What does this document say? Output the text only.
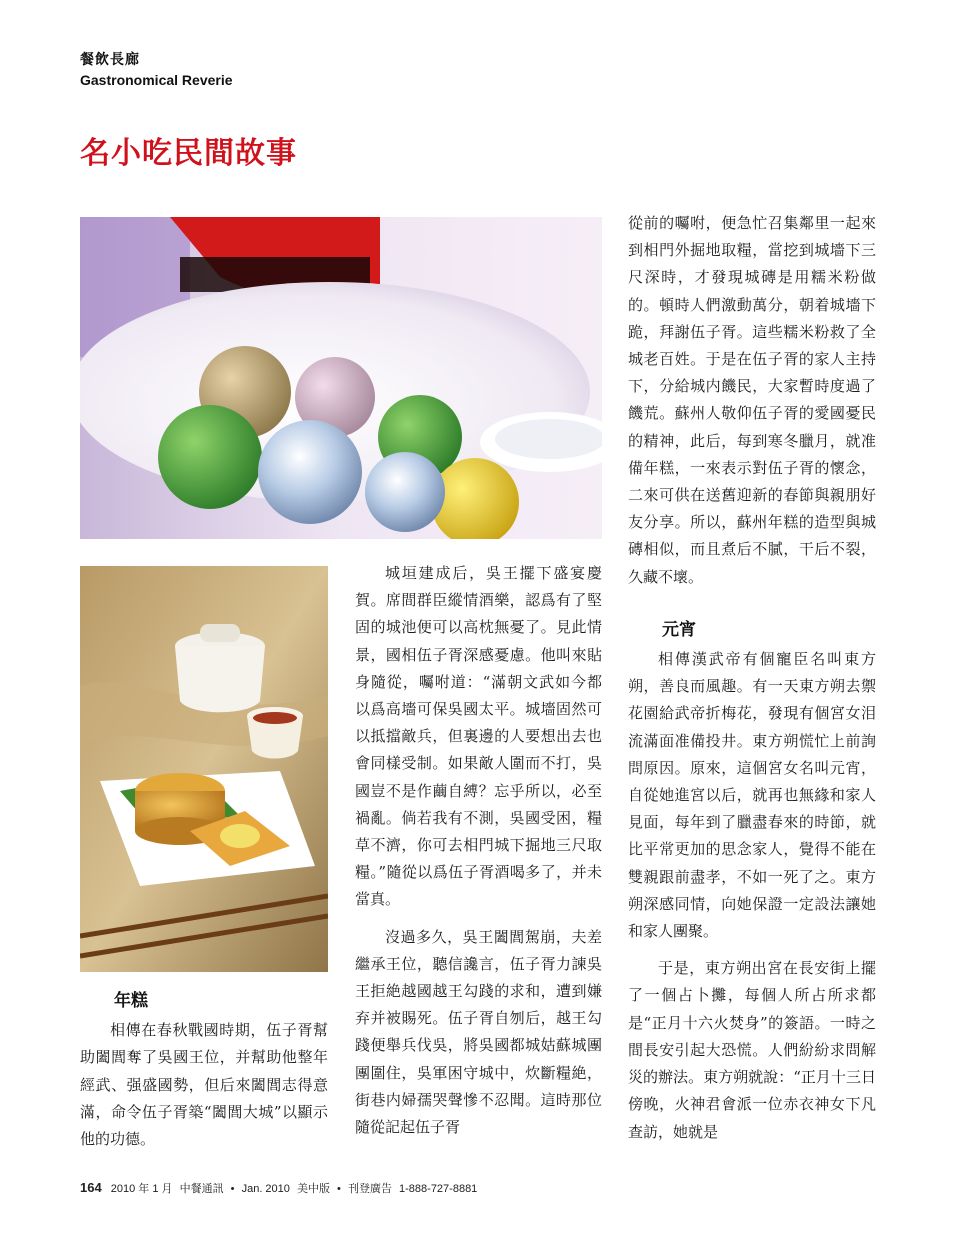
餐飲長廊
Gastronomical Reverie
名小吃民間故事
年糕

相傳在春秋戰國時期，伍子胥幫助闔閭奪了吳國王位，并幫助他整年經武、强盛國勢，但后來闔閭志得意滿，命令伍子胥築“闔閭大城”以顯示他的功德。

城垣建成后，吳王擺下盛宴慶賀。席間群臣縱情酒樂，認爲有了堅固的城池便可以高枕無憂了。見此情景，國相伍子胥深感憂慮。他叫來貼身隨從，囑咐道：“滿朝文武如今都以爲高墻可保吳國太平。城墻固然可以抵擋敵兵，但裏邊的人要想出去也會同樣受制。如果敵人圍而不打，吳國豈不是作繭自縛？忘乎所以，必至禍亂。倘若我有不測，吳國受困，糧草不濟，你可去相門城下掘地三尺取糧。”隨從以爲伍子胥酒喝多了，并未當真。

沒過多久，吳王闔閭駕崩，夫差繼承王位，聽信讒言，伍子胥力諫吳王拒絶越國越王勾踐的求和，遭到嫌弃并被賜死。伍子胥自刎后，越王勾踐便舉兵伐吳，將吳國都城姑蘇城團團圍住，吳軍困守城中，炊斷糧絶，街巷内婦孺哭聲慘不忍聞。這時那位隨從記起伍子胥

從前的囑咐，便急忙召集鄰里一起來到相門外掘地取糧，當挖到城墻下三尺深時，才發現城磚是用糯米粉做的。頓時人們激動萬分，朝着城墻下跪，拜謝伍子胥。這些糯米粉救了全城老百姓。于是在伍子胥的家人主持下，分給城内饑民，大家暫時度過了饑荒。蘇州人敬仰伍子胥的愛國憂民的精神，此后，每到寒冬臘月，就准備年糕，一來表示對伍子胥的懷念，二來可供在送舊迎新的春節與親朋好友分享。所以，蘇州年糕的造型與城磚相似，而且煮后不膩，干后不裂，久藏不壞。

元宵

相傳漢武帝有個寵臣名叫東方朔，善良而風趣。有一天東方朔去禦花園給武帝折梅花，發現有個宮女泪流滿面准備投井。東方朔慌忙上前詢問原因。原來，這個宮女名叫元宵，自從她進宮以后，就再也無緣和家人見面，每年到了臘盡春來的時節，就比平常更加的思念家人，覺得不能在雙親跟前盡孝，不如一死了之。東方朔深感同情，向她保證一定設法讓她和家人團聚。

于是，東方朔出宮在長安街上擺了一個占卜攤，每個人所占所求都是“正月十六火焚身”的簽語。一時之間長安引起大恐慌。人們紛紛求問解災的辦法。東方朔就說：“正月十三日傍晚，火神君會派一位赤衣神女下凡查訪，她就是

164 2010 年 1 月 中餐通訊 • Jan. 2010 美中版 • 刊登廣告 1-888-727-8881
